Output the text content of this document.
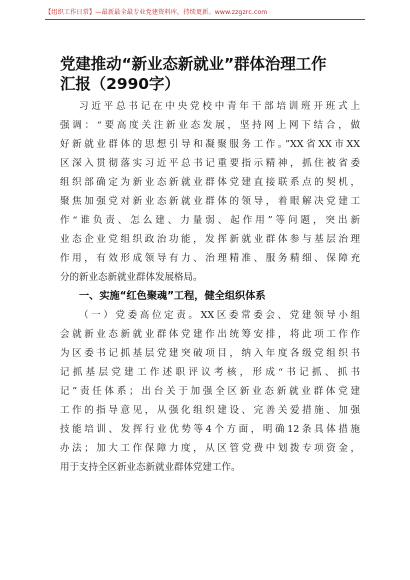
【组织工作日常】—最新最全最专业党建资料库，持续更新。www.zzgzrc.com
党建推动“新业态新就业”群体治理工作
汇报（2990字）
习近平总书记在中央党校中青年干部培训班开班式上
强调：“要高度关注新业态发展，坚持网上网下结合，做
好新就业群体的思想引导和凝聚服务工作。”XX省XX市XX
区深入贯彻落实习近平总书记重要指示精神，抓住被省委
组织部确定为新业态新就业群体党建直接联系点的契机，
聚焦加强党对新业态新就业群体的领导，着眼解决党建工
作“谁负责、怎么建、力量弱、起作用”等问题，突出新
业态企业党组织政治功能，发挥新就业群体参与基层治理
作用，有效形成领导有力、治理精准、服务精细、保障充
分的新业态新就业群体发展格局。
一、实施“红色聚魂”工程，健全组织体系
（一）党委高位定责。XX区委常委会、党建领导小组
会就新业态新就业群体党建作出统筹安排，将此项工作作
为区委书记抓基层党建突破项目，纳入年度各级党组织书
记抓基层党建工作述职评议考核，形成“书记抓、抓书
记”责任体系；出台关于加强全区新业态新就业群体党建
工作的指导意见，从强化组织建设、完善关爱措施、加强
技能培训、发挥行业优势等4个方面，明确12条具体措施
办法；加大工作保障力度，从区管党费中划拨专项资金，
用于支持全区新业态新就业群体党建工作。
